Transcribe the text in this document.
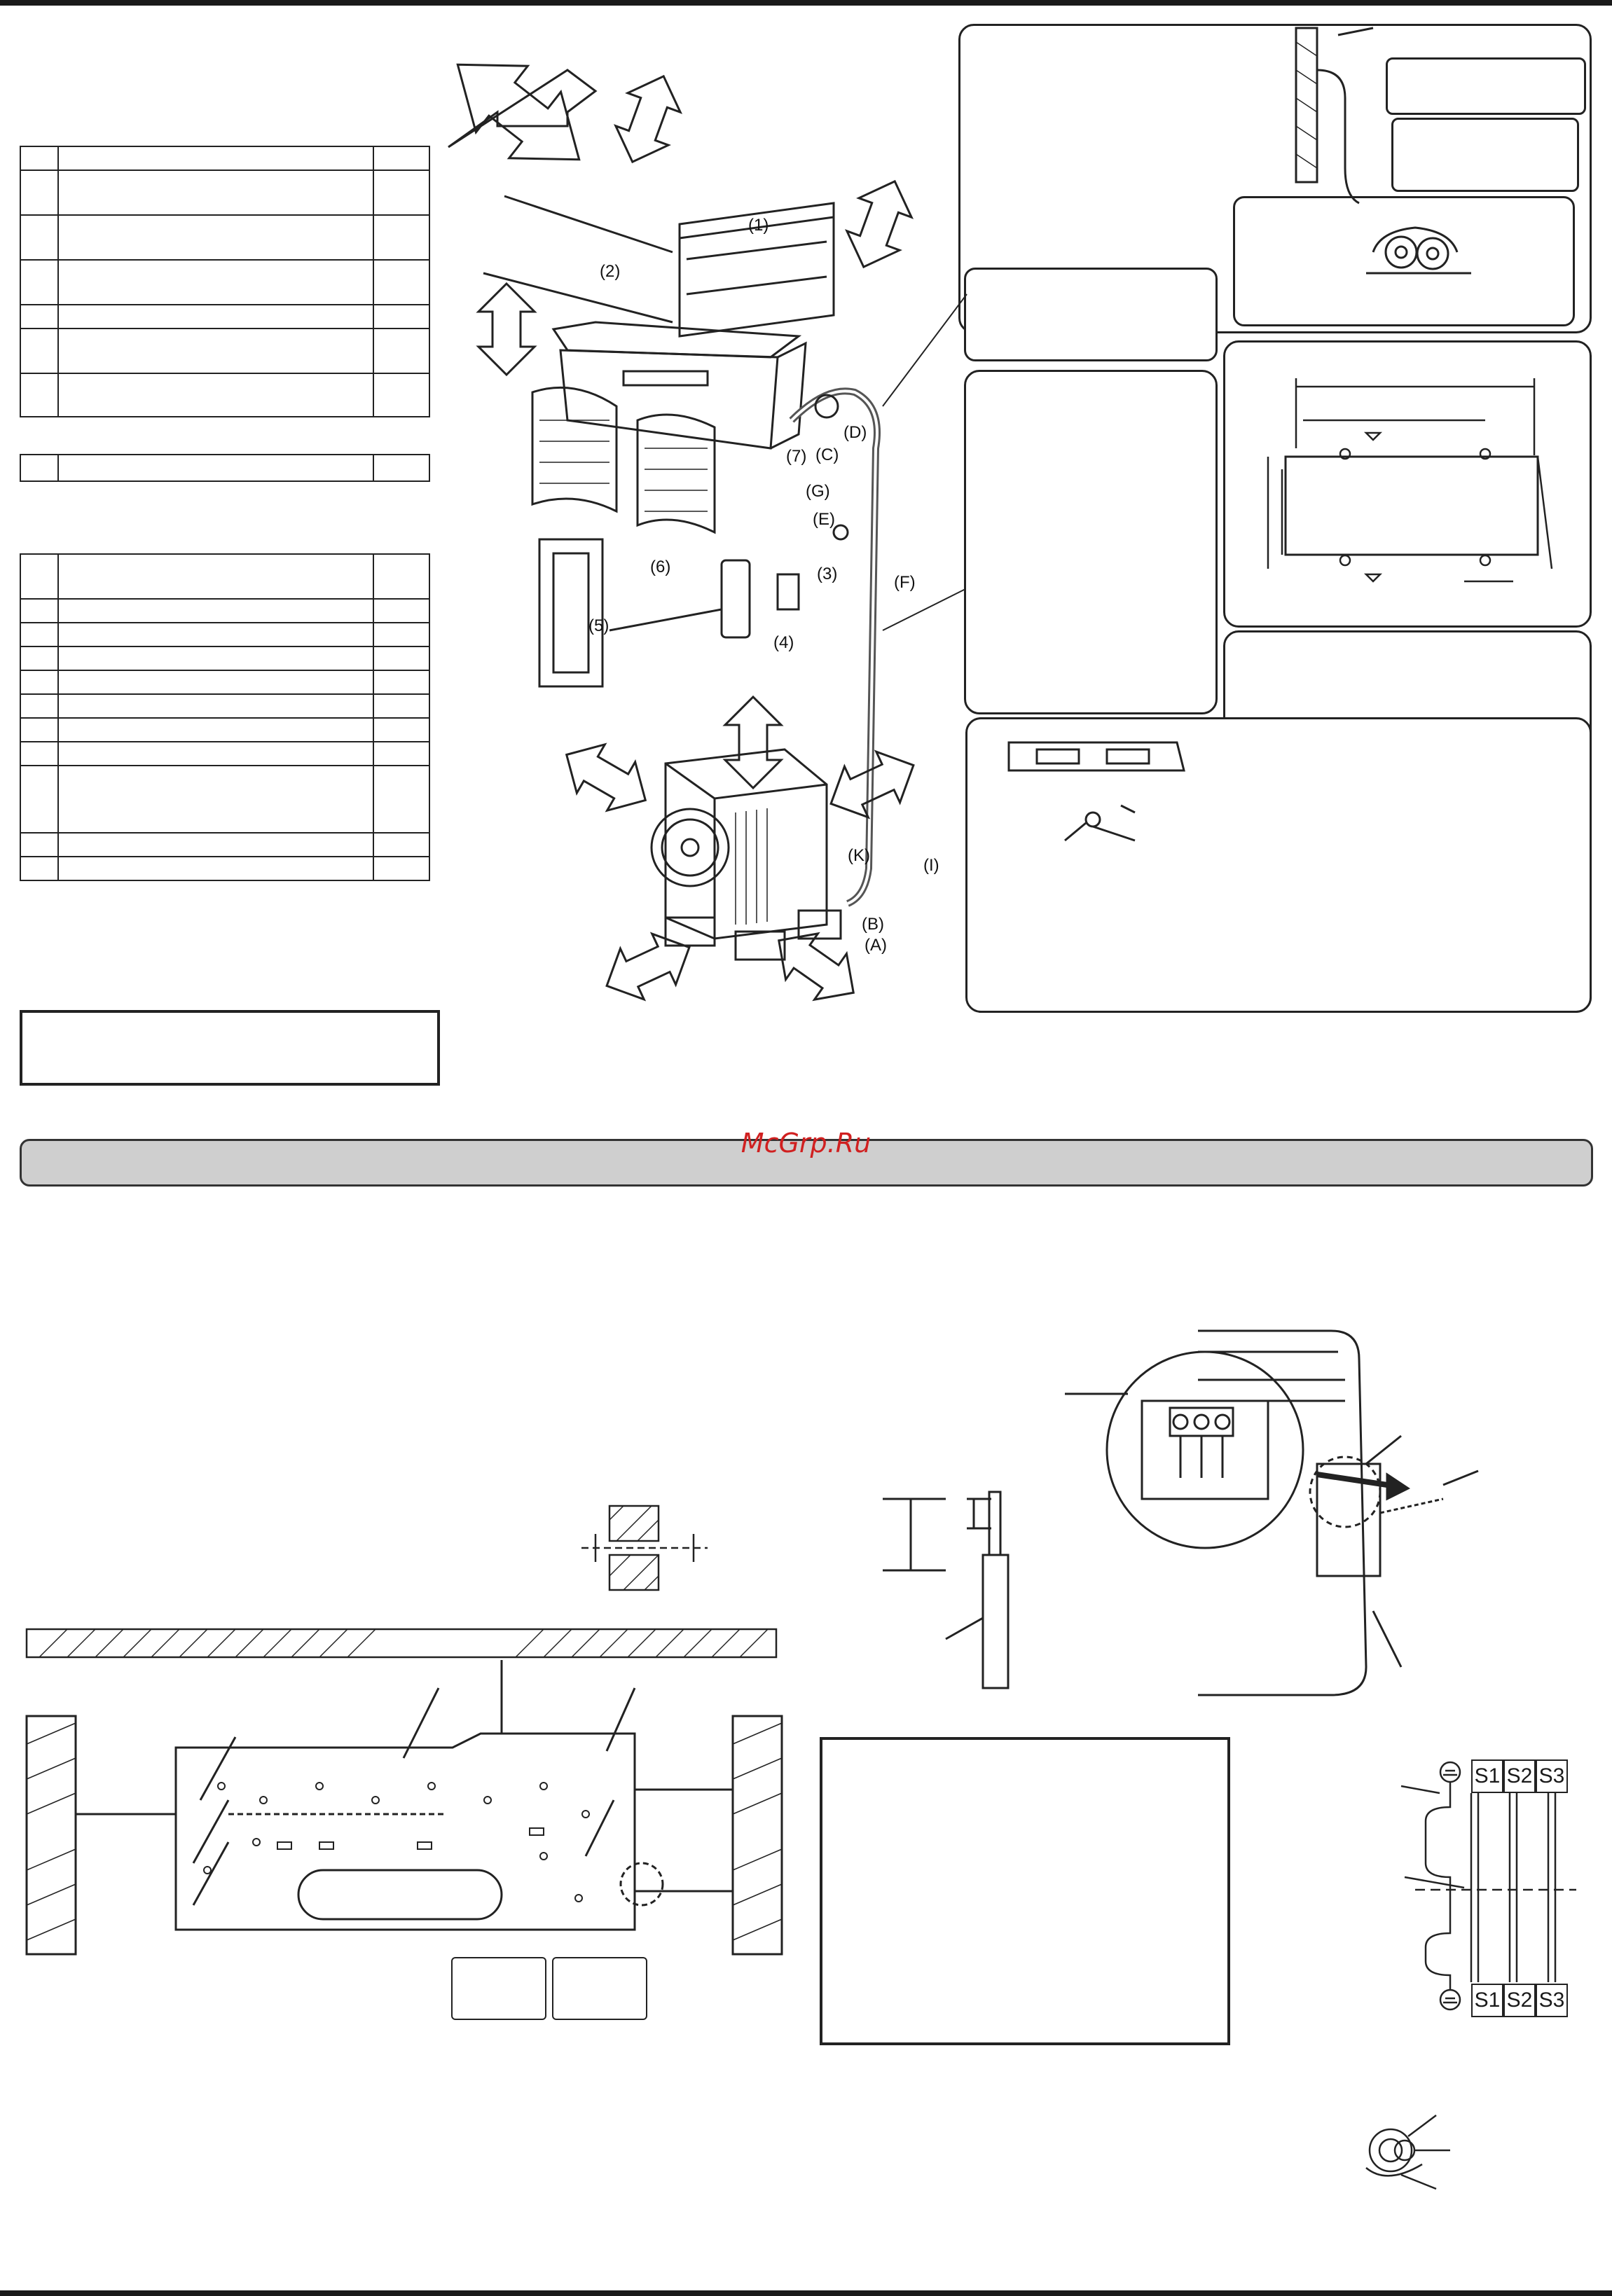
(1)
(2)
(D)
(C)
(7)
(G)
(E)
(F)
(6)	(3)
(4)
(5)
(K)
(I)
(B)
(A)
McGrp.Ru
S1 S2 S3
S1 S2 S3
